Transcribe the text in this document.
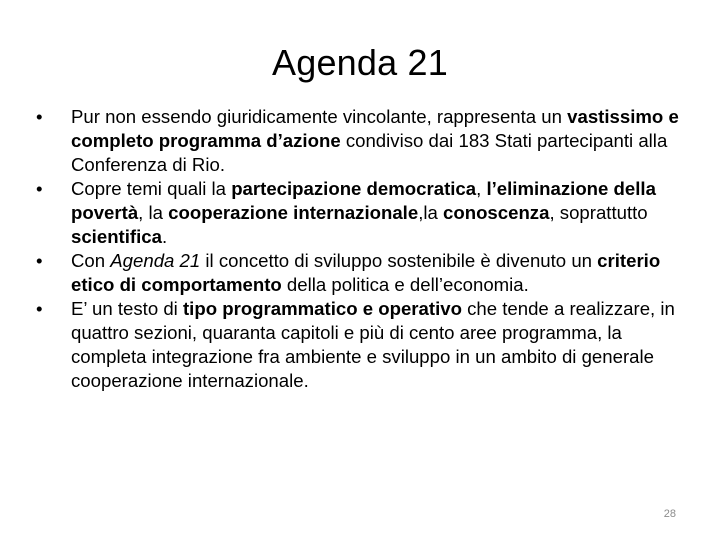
Agenda 21
•	Pur non essendo giuridicamente vincolante, rappresenta un vastissimo e completo programma d’azione condiviso dai 183 Stati partecipanti alla Conferenza di Rio.
•	Copre temi quali la partecipazione democratica, l’eliminazione della povertà, la cooperazione internazionale,la conoscenza, soprattutto scientifica.
•	Con Agenda 21 il concetto di sviluppo sostenibile è divenuto un criterio etico di comportamento della politica e dell’economia.
•	E’ un testo di tipo programmatico e operativo che tende a realizzare, in quattro sezioni, quaranta capitoli e più di cento aree programma, la completa integrazione fra ambiente e sviluppo in un ambito di generale cooperazione internazionale.
28
